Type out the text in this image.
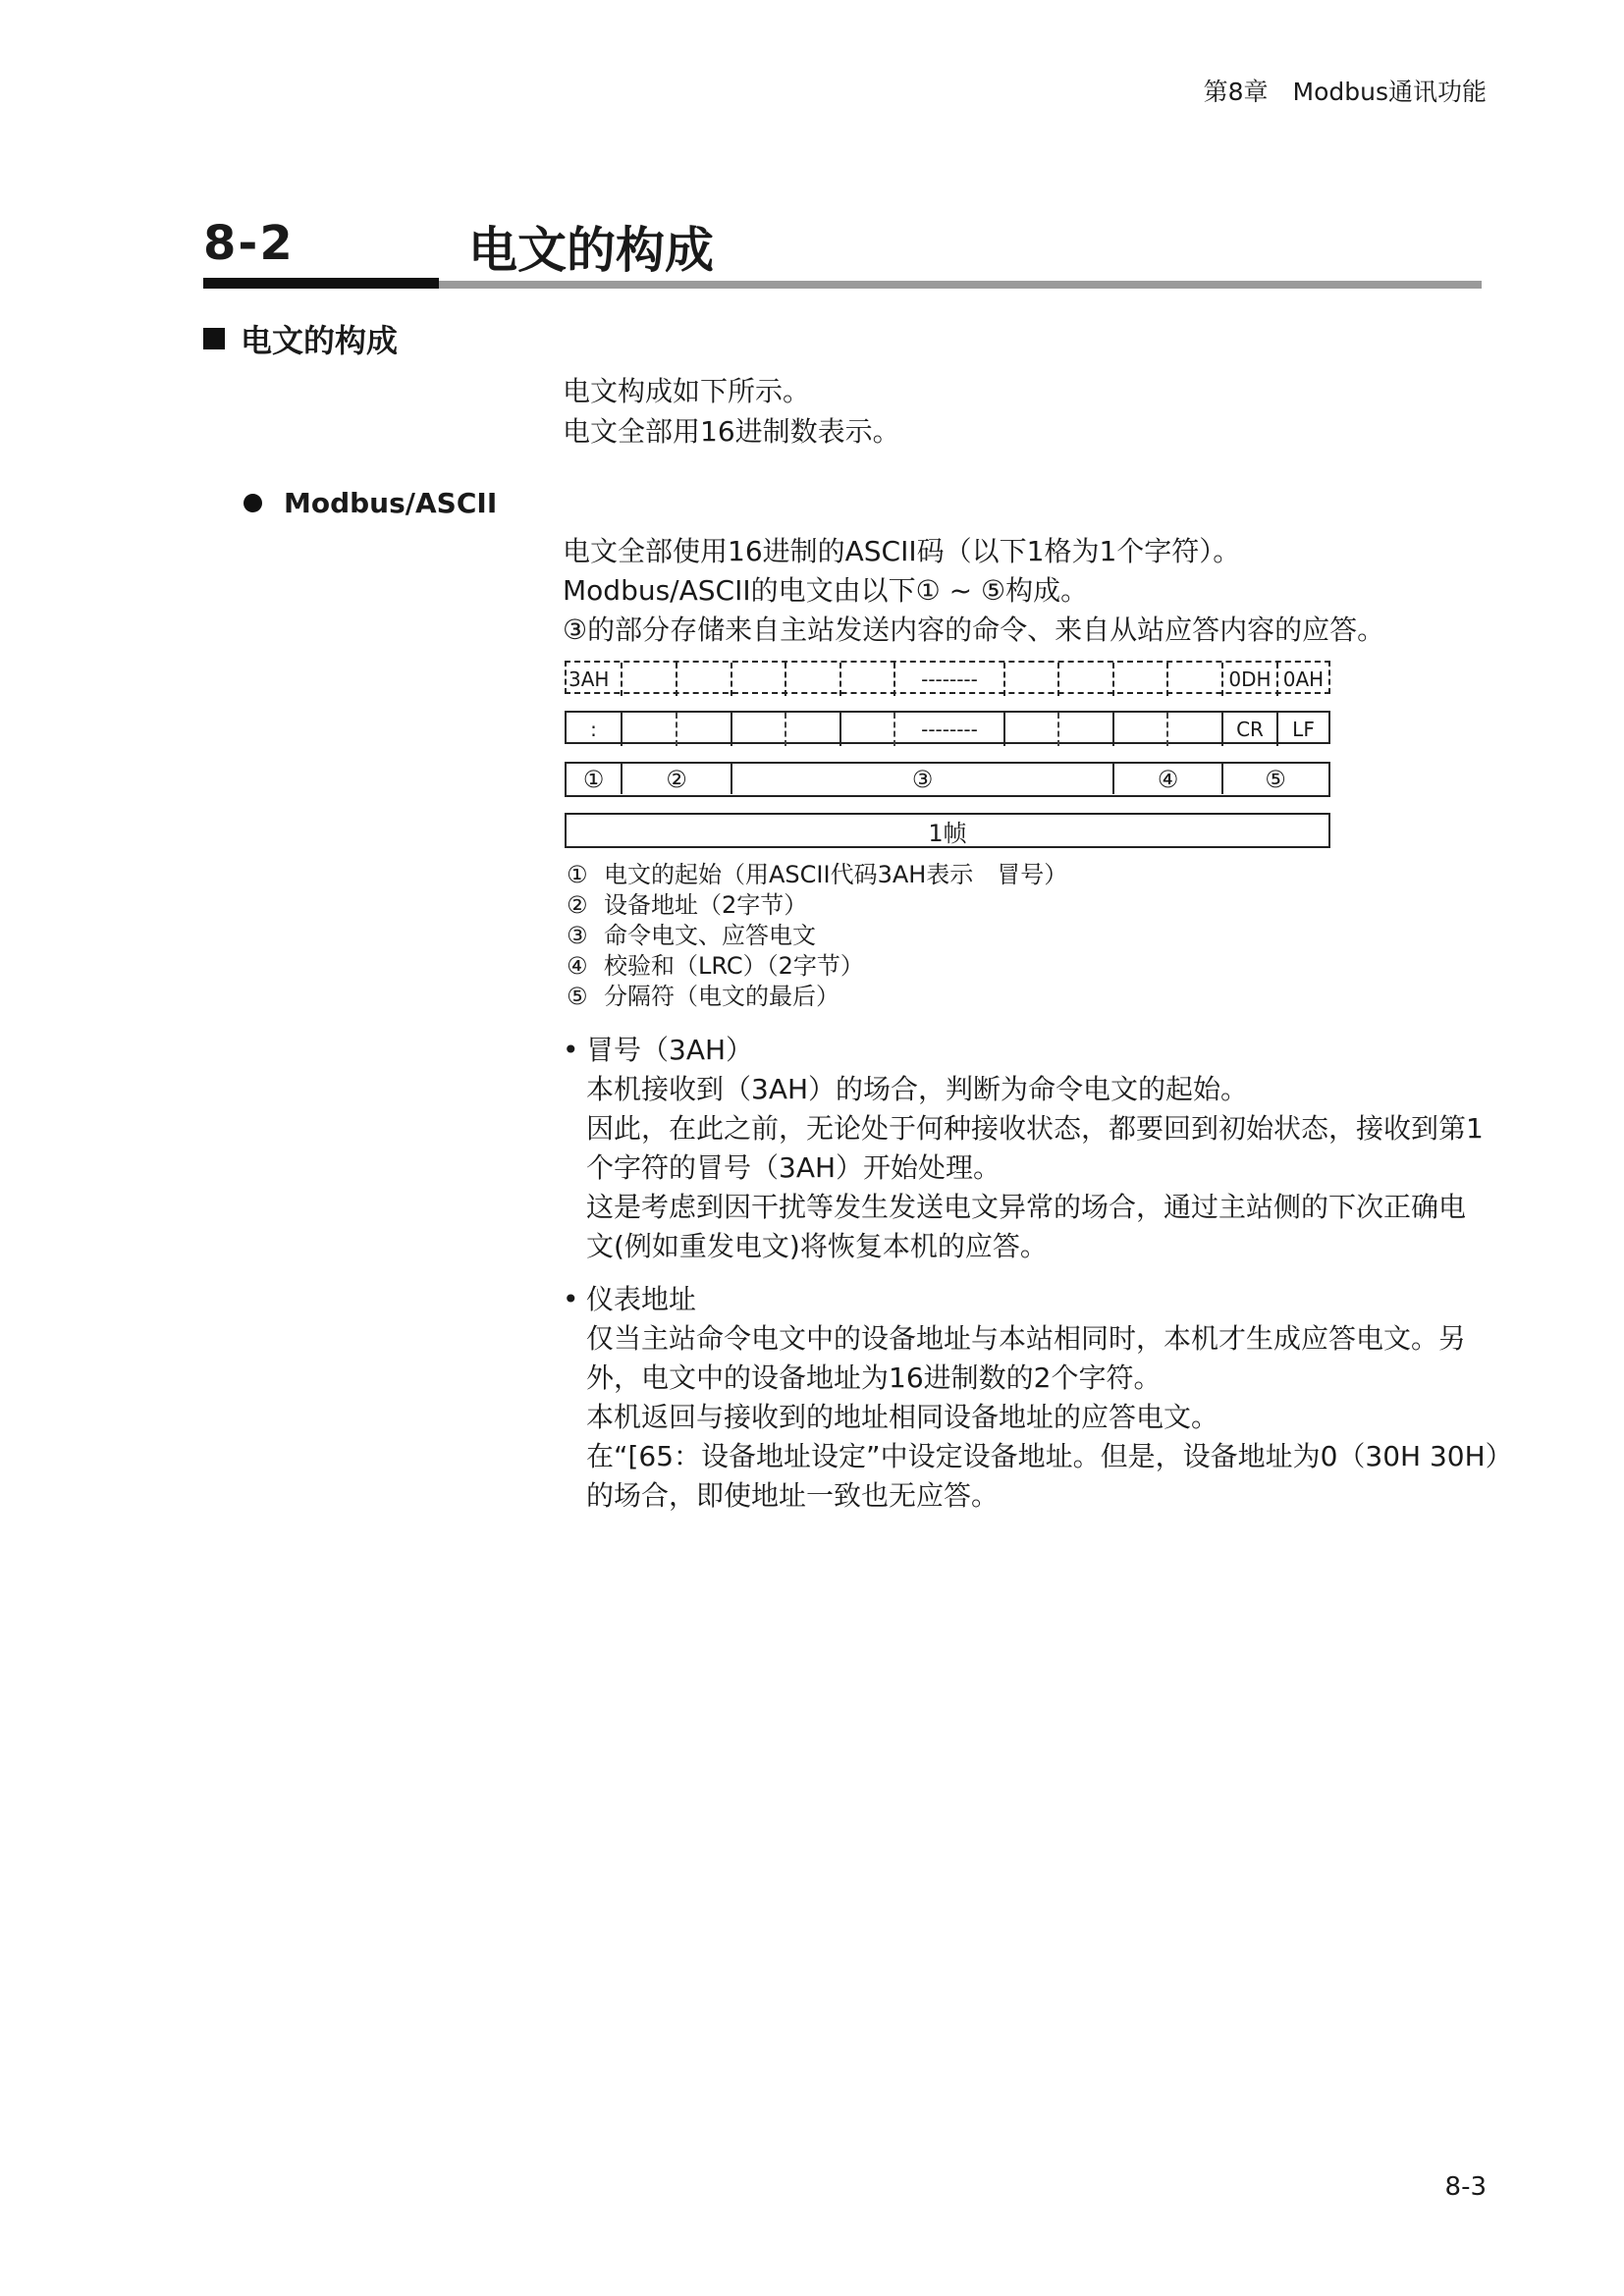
第8章　Modbus通讯功能
8-2	电文的构成
电文的构成
电文构成如下所示。
电文全部用16进制数表示。
Modbus/ASCII
电文全部使用16进制的ASCII码（以下1格为1个字符）。
Modbus/ASCII的电文由以下① ~ ⑤构成。
③的部分存储来自主站发送内容的命令、来自从站应答内容的应答。
3AH	--------	0DH 0AH
:	--------	CR	LF
①	②	③	④	⑤
1帧
① 电文的起始（用ASCII代码3AH表示　冒号）
② 设备地址（2字节）
③ 命令电文、应答电文
④ 校验和（LRC）（2字节）
⑤ 分隔符（电文的最后）
• 冒号（3AH）
本机接收到（3AH）的场合，判断为命令电文的起始。
因此，在此之前，无论处于何种接收状态，都要回到初始状态，接收到第1
个字符的冒号（3AH）开始处理。
这是考虑到因干扰等发生发送电文异常的场合，通过主站侧的下次正确电
文(例如重发电文)将恢复本机的应答。
• 仪表地址
仅当主站命令电文中的设备地址与本站相同时，本机才生成应答电文。另
外，电文中的设备地址为16进制数的2个字符。
本机返回与接收到的地址相同设备地址的应答电文。
在“[65：设备地址设定”中设定设备地址。但是，设备地址为0（30H 30H）
的场合，即使地址一致也无应答。
8-3
